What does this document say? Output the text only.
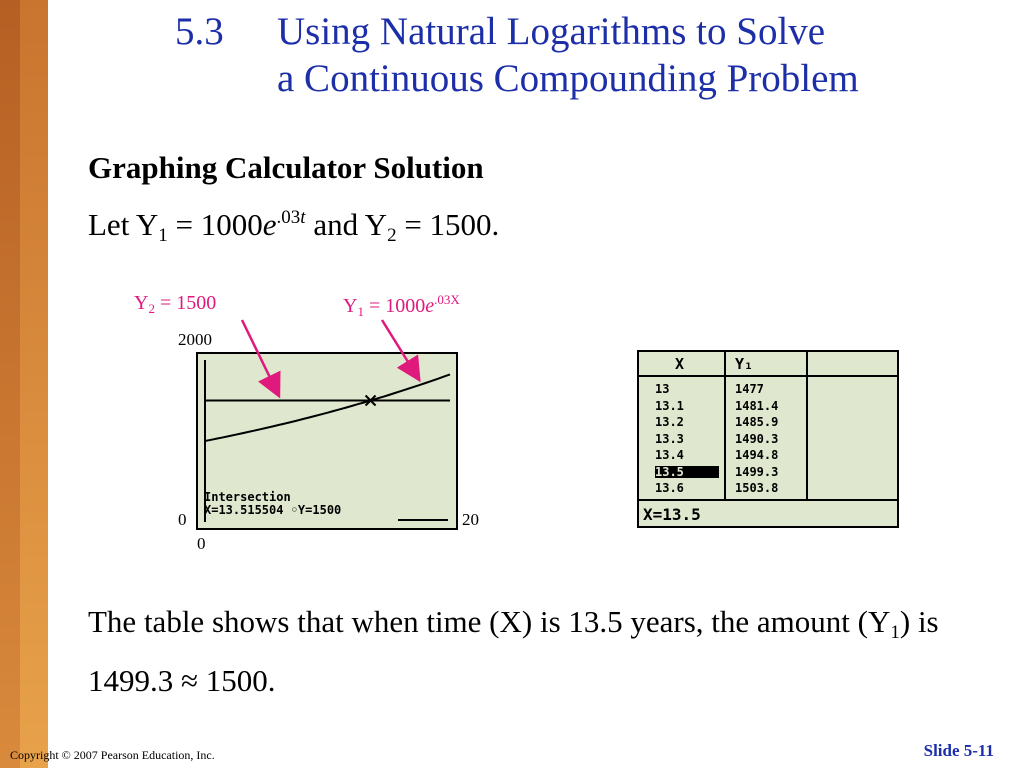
5.3 Using Natural Logarithms to Solve
a Continuous Compounding Problem
Graphing Calculator Solution
Let $Y_1 = 1000e^{.03t}$ and $Y_2 = 1500$.
$Y_2 = 1500$	$Y_1 = 1000e^{.03X}$
2000
0	20
0
Intersection
X=13.515504 ◦Y=1500
X	Y₁
13	1477
13.1	1481.4
13.2	1485.9
13.3	1490.3
13.4	1494.8
13.5	1499.3
13.6	1503.8
X=13.5
The table shows that when time (X) is 13.5 years, the amount $(Y_1)$ is 1499.3 ≈ 1500.
Copyright © 2007 Pearson Education, Inc.	Slide 5-11
